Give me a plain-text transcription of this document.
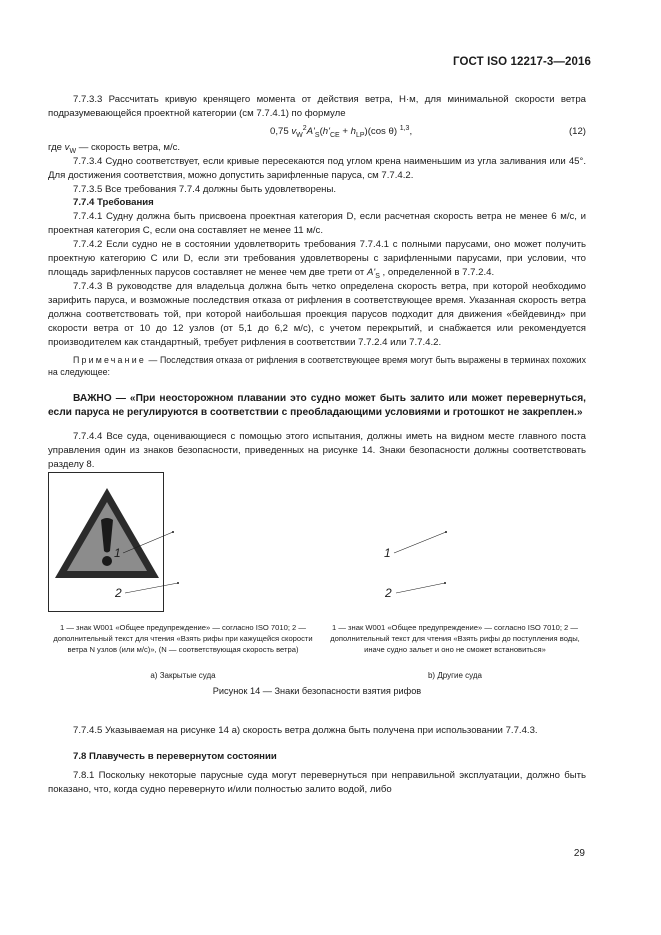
ГОСТ ISO 12217-3—2016

7.7.3.3 Рассчитать кривую кренящего момента от действия ветра, Н·м, для минимальной скорости ветра подразумевающейся проектной категории (см 7.7.4.1) по формуле

0,75 $v_W^2A'_S(h'_{CE} + h_{LP})(\cos$ θ) $^{1,3}$,	(12)

где $v_W$ — скорость ветра, м/с.

7.7.3.4 Судно соответствует, если кривые пересекаются под углом крена наименьшим из угла заливания или 45°. Для достижения соответствия, можно допустить зарифленные паруса, см 7.7.4.2.

7.7.3.5 Все требования 7.7.4 должны быть удовлетворены.

7.7.4 Требования

7.7.4.1 Судну должна быть присвоена проектная категория D, если расчетная скорость ветра не менее 6 м/с, и проектная категория С, если она составляет не менее 11 м/с.

7.7.4.2 Если судно не в состоянии удовлетворить требования 7.7.4.1 с полными парусами, оно может получить проектную категорию С или D, если эти требования удовлетворены с зарифленными парусами, при условии, что площадь зарифленных парусов составляет не менее чем две трети от $A'_S$ , определенной в 7.7.2.4.

7.7.4.3 В руководстве для владельца должна быть четко определена скорость ветра, при которой необходимо зарифить паруса, и возможные последствия отказа от рифления в соответствующее время. Указанная скорость ветра должна соответствовать той, при которой наибольшая проекция парусов подходит для движения «бейдевинд» при скорости ветра от 10 до 12 узлов (от 5,1 до 6,2 м/с), с учетом перекрытий, и снабжается или рекомендуется производителем как стандартный, требует рифления в соответствии 7.7.2.4 или 7.7.4.2.

Примечание — Последствия отказа от рифления в соответствующее время могут быть выражены в терминах похожих на следующее:

ВАЖНО — «При неосторожном плавании это судно может быть залито или может перевернуться, если паруса не регулируются в соответствии с преобладающими условиями и гротошкот не закреплен.»

7.7.4.4 Все суда, оценивающиеся с помощью этого испытания, должны иметь на видном месте главного поста управления один из знаков безопасности, приведенных на рисунке 14. Знаки безопасности должны соответствовать разделу 8.

1
2
1
2
1 — знак W001 «Общее предупреждение» — согласно ISO 7010; 2 — дополнительный текст для чтения «Взять рифы при кажущейся скорости ветра N узлов (или м/с)», (N — соответствующая скорость ветра)
1 — знак W001 «Общее предупреждение» — согласно ISO 7010; 2 — дополнительный текст для чтения «Взять рифы до поступления воды, иначе судно зальет и оно не сможет встановиться»
а) Закрытые суда	b) Другие суда
Рисунок 14 — Знаки безопасности взятия рифов

7.7.4.5 Указываемая на рисунке 14 а) скорость ветра должна быть получена при использовании 7.7.4.3.

7.8 Плавучесть в перевернутом состоянии

7.8.1 Поскольку некоторые парусные суда могут перевернуться при неправильной эксплуатации, должно быть показано, что, когда судно перевернуто и/или полностью залито водой, либо

29
